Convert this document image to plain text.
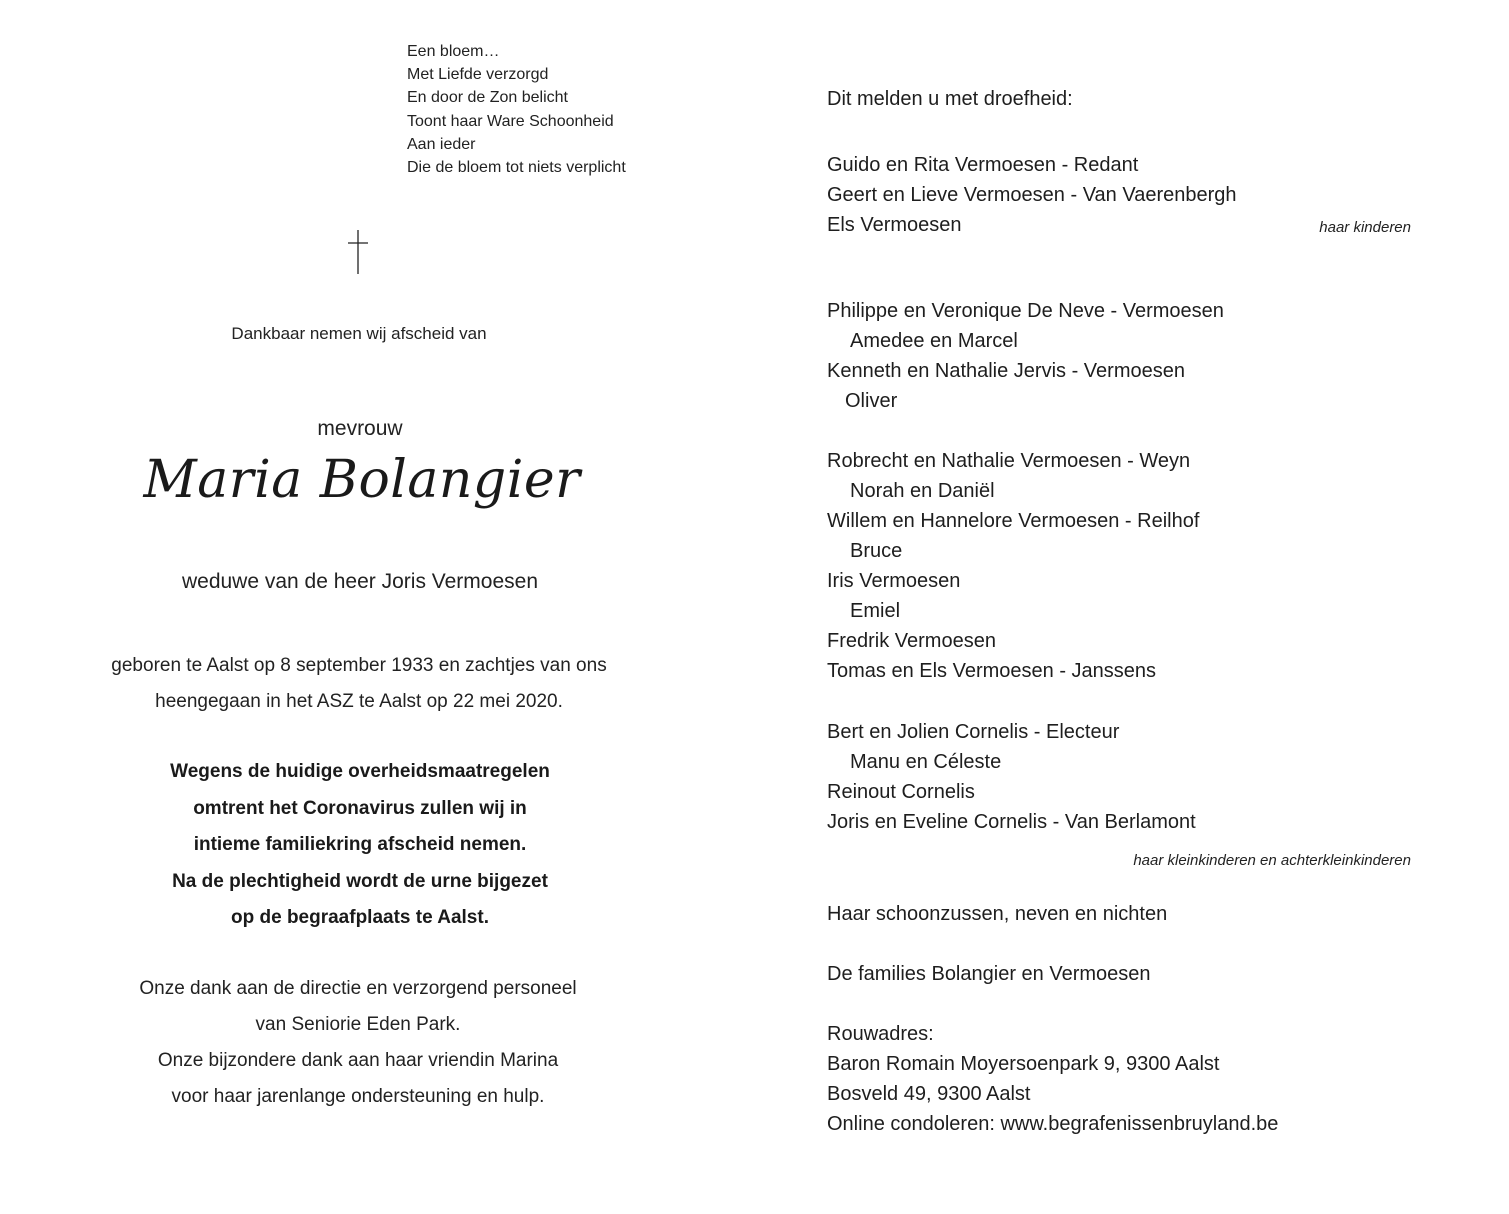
Een bloem…
Met Liefde verzorgd
En door de Zon belicht
Toont haar Ware Schoonheid
Aan ieder
Die de bloem tot niets verplicht
Dankbaar nemen wij afscheid van
mevrouw
Maria Bolangier
weduwe van de heer Joris Vermoesen
geboren te Aalst op 8 september 1933 en zachtjes van ons
heengegaan in het ASZ te Aalst op 22 mei 2020.
Wegens de huidige overheidsmaatregelen
omtrent het Coronavirus zullen wij in
intieme familiekring afscheid nemen.
Na de plechtigheid wordt de urne bijgezet
op de begraafplaats te Aalst.
Onze dank aan de directie en verzorgend personeel
van Seniorie Eden Park.
Onze bijzondere dank aan haar vriendin Marina
voor haar jarenlange ondersteuning en hulp.
Dit melden u met droefheid:
Guido en Rita Vermoesen - Redant
Geert en Lieve Vermoesen - Van Vaerenbergh
Els Vermoesen	haar kinderen
Philippe en Veronique De Neve - Vermoesen
Amedee en Marcel
Kenneth en Nathalie Jervis - Vermoesen
Oliver
Robrecht en Nathalie Vermoesen - Weyn
Norah en Daniël
Willem en Hannelore Vermoesen - Reilhof
Bruce
Iris Vermoesen
Emiel
Fredrik Vermoesen
Tomas en Els Vermoesen - Janssens
Bert en Jolien Cornelis - Electeur
Manu en Céleste
Reinout Cornelis
Joris en Eveline Cornelis - Van Berlamont
haar kleinkinderen en achterkleinkinderen
Haar schoonzussen, neven en nichten
De families Bolangier en Vermoesen
Rouwadres:
Baron Romain Moyersoenpark 9, 9300 Aalst
Bosveld 49, 9300 Aalst
Online condoleren: www.begrafenissenbruyland.be
